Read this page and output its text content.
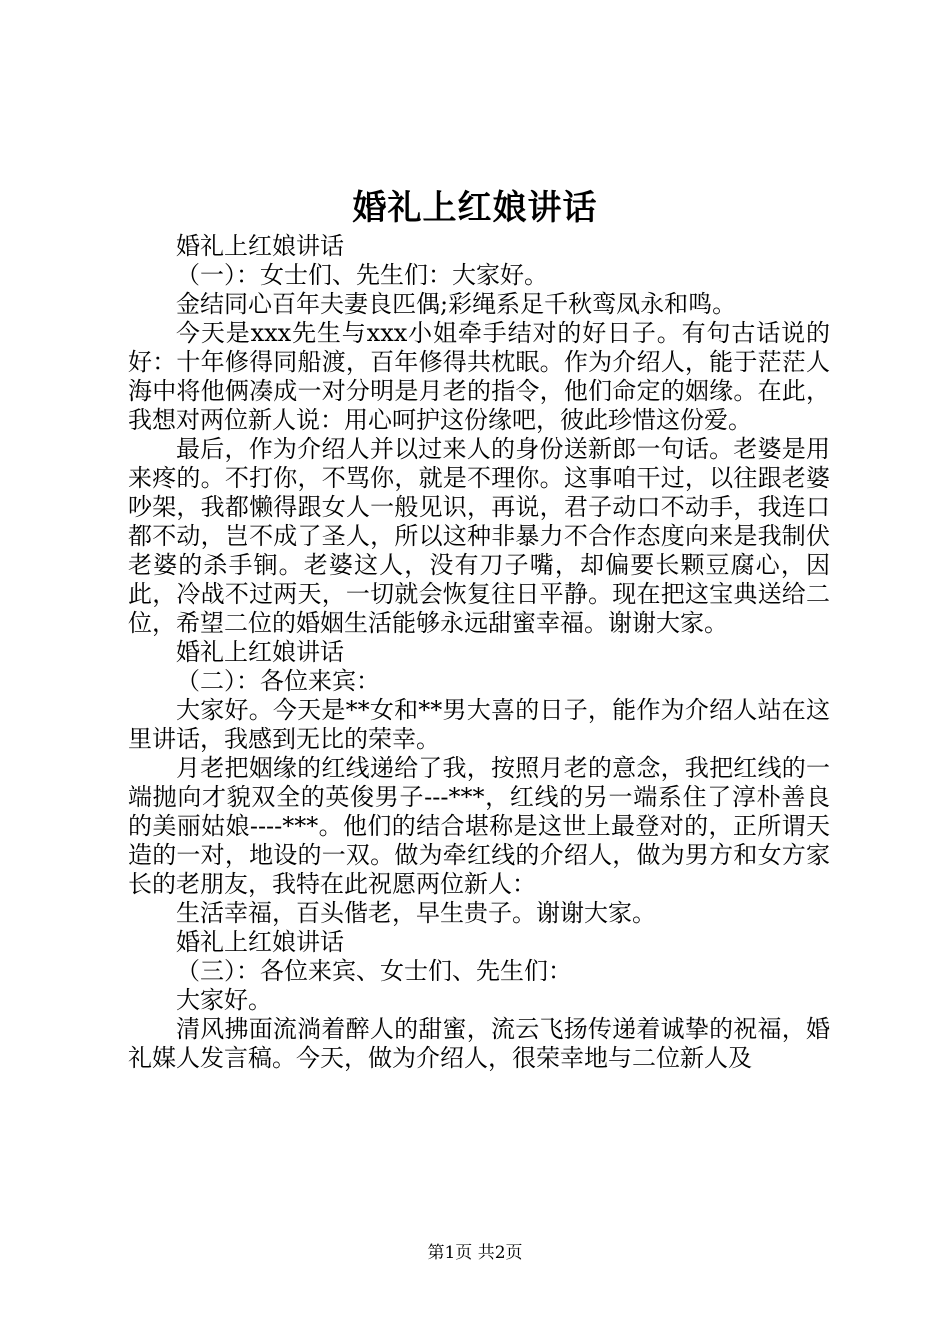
婚礼上红娘讲话

婚礼上红娘讲话

（一）：女士们、先生们：大家好。

金结同心百年夫妻良匹偶;彩绳系足千秋鸾凤永和鸣。

今天是xxx先生与xxx小姐牵手结对的好日子。有句古话说的好：十年修得同船渡，百年修得共枕眠。作为介绍人，能于茫茫人海中将他俩凑成一对分明是月老的指令，他们命定的姻缘。在此，我想对两位新人说：用心呵护这份缘吧，彼此珍惜这份爱。

最后，作为介绍人并以过来人的身份送新郎一句话。老婆是用来疼的。不打你，不骂你，就是不理你。这事咱干过，以往跟老婆吵架，我都懒得跟女人一般见识，再说，君子动口不动手，我连口都不动，岂不成了圣人，所以这种非暴力不合作态度向来是我制伏老婆的杀手锏。老婆这人，没有刀子嘴，却偏要长颗豆腐心，因此，冷战不过两天，一切就会恢复往日平静。现在把这宝典送给二位，希望二位的婚姻生活能够永远甜蜜幸福。谢谢大家。

婚礼上红娘讲话

（二）：各位来宾：

大家好。今天是**女和**男大喜的日子，能作为介绍人站在这里讲话，我感到无比的荣幸。

月老把姻缘的红线递给了我，按照月老的意念，我把红线的一端抛向才貌双全的英俊男子---***，红线的另一端系住了淳朴善良的美丽姑娘----***。他们的结合堪称是这世上最登对的，正所谓天造的一对，地设的一双。做为牵红线的介绍人，做为男方和女方家长的老朋友，我特在此祝愿两位新人：

生活幸福，百头偕老，早生贵子。谢谢大家。

婚礼上红娘讲话

（三）：各位来宾、女士们、先生们：

大家好。

清风拂面流淌着醉人的甜蜜，流云飞扬传递着诚挚的祝福，婚礼媒人发言稿。今天，做为介绍人，很荣幸地与二位新人及

第1页 共2页
